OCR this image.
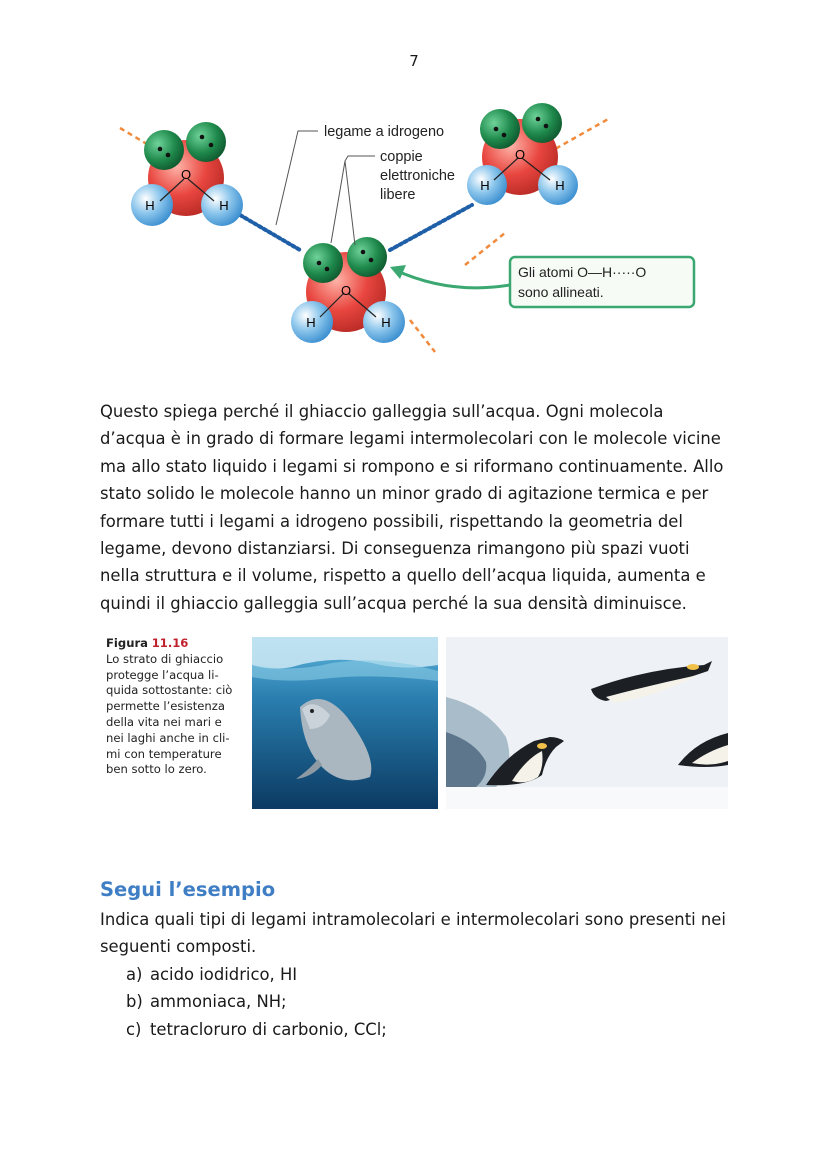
7
O
H	H
O
H	H
O
H	H
legame a idrogeno
coppie
elettroniche
libere
Gli atomi O—H·····O
sono allineati.

Questo spiega perché il ghiaccio galleggia sull’acqua. Ogni molecola d’acqua è in grado di formare legami intermolecolari con le molecole vicine ma allo stato liquido i legami si rompono e si riformano continuamente. Allo stato solido le molecole hanno un minor grado di agitazione termica e per formare tutti i legami a idrogeno possibili, rispettando la geometria del legame, devono distanziarsi. Di conseguenza rimangono più spazi vuoti nella struttura e il volume, rispetto a quello dell’acqua liquida, aumenta e quindi il ghiaccio galleggia sull’acqua perché la sua densità diminuisce.

Figura 11.16
Lo strato di ghiaccio
protegge l’acqua li-
quida sottostante: ciò
permette l’esistenza
della vita nei mari e
nei laghi anche in cli-
mi con temperature
ben sotto lo zero.
Segui l’esempio

Indica quali tipi di legami intramolecolari e intermolecolari sono presenti nei seguenti composti.

a) acido iodidrico, HI
b) ammoniaca, NH;
c) tetracloruro di carbonio, CCl;
